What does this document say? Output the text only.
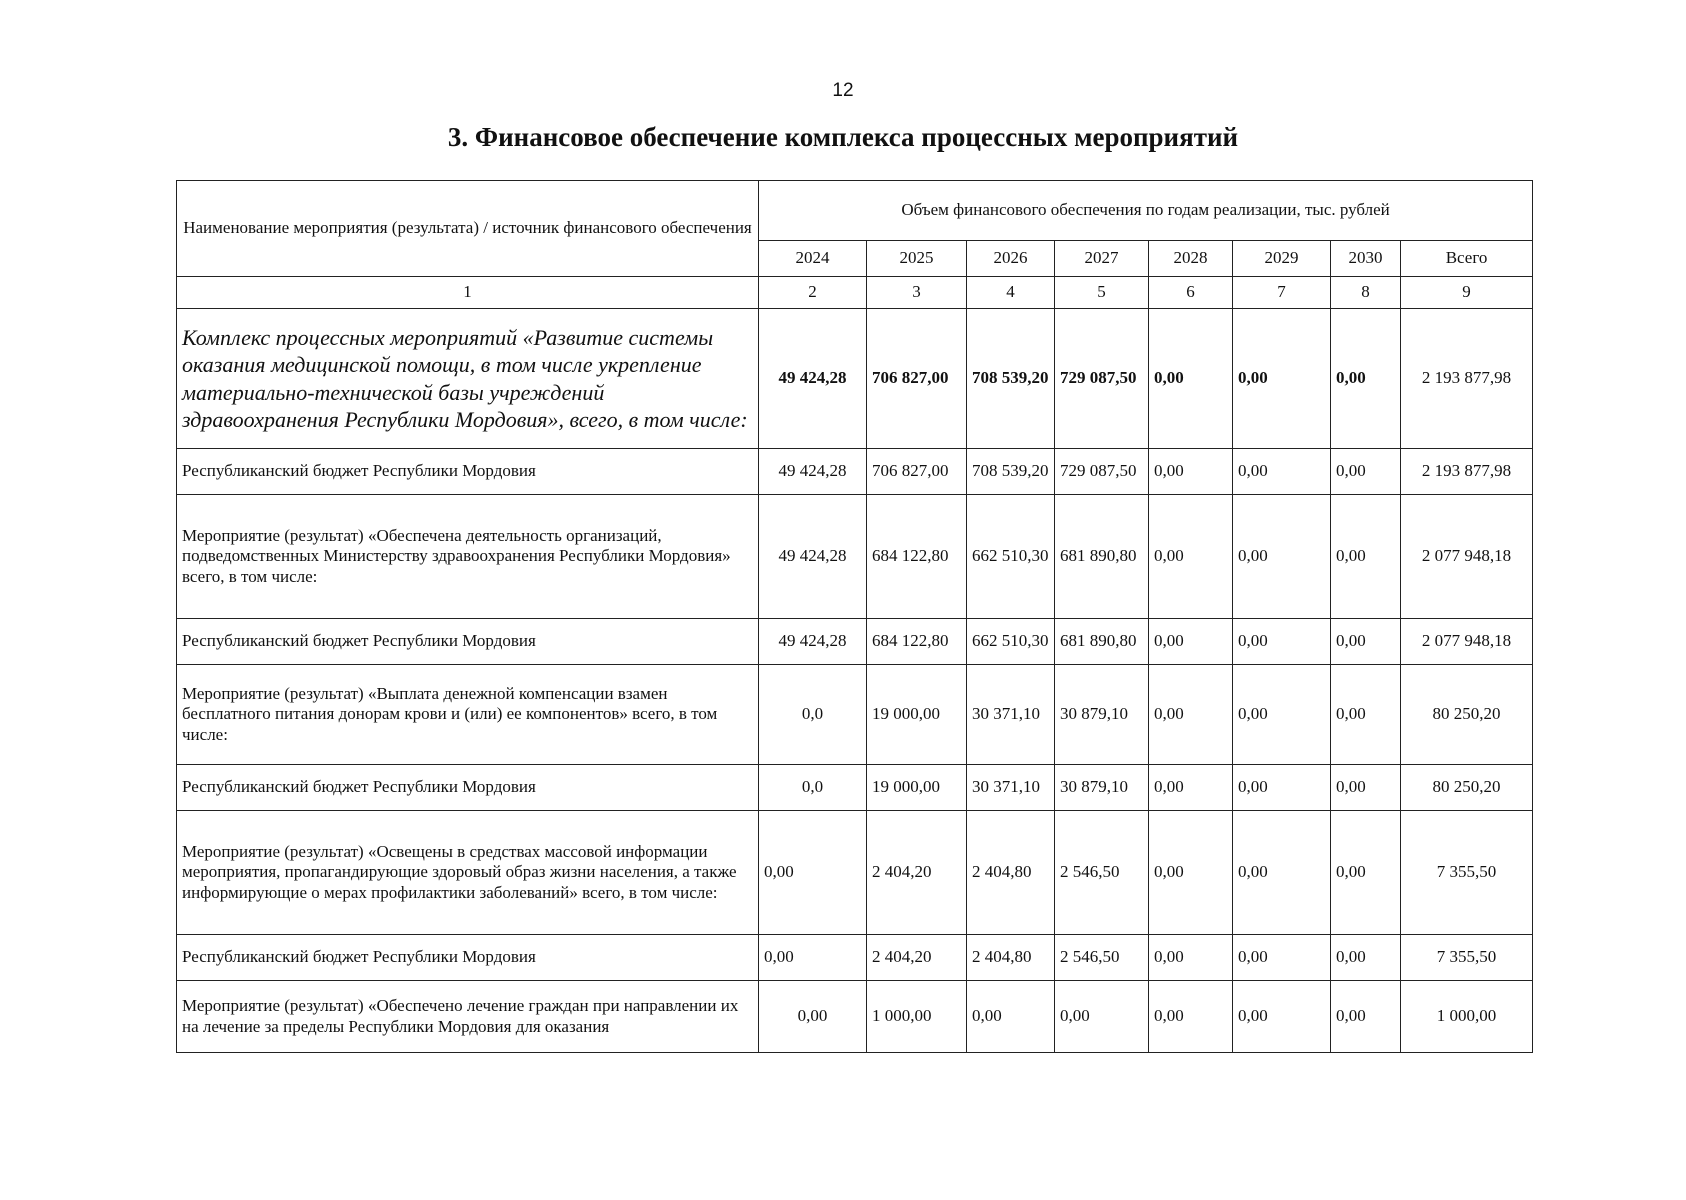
12
3. Финансовое обеспечение комплекса процессных мероприятий
Наименование мероприятия (результата) / источник финансового обеспечения	Объем финансового обеспечения по годам реализации, тыс. рублей							
	2024	2025	2026	2027	2028	2029	2030	Всего
1	2	3	4	5	6	7	8	9
Комплекс процессных мероприятий «Развитие системы оказания медицинской помощи, в том числе укрепление материально-технической базы учреждений здравоохранения Республики Мордовия», всего, в том числе:	49 424,28	706 827,00	708 539,20	729 087,50	0,00	0,00	0,00	2 193 877,98
Республиканский бюджет Республики Мордовия	49 424,28	706 827,00	708 539,20	729 087,50	0,00	0,00	0,00	2 193 877,98
Мероприятие (результат) «Обеспечена деятельность организаций, подведомственных Министерству здравоохранения Республики Мордовия» всего, в том числе:	49 424,28	684 122,80	662 510,30	681 890,80	0,00	0,00	0,00	2 077 948,18
Республиканский бюджет Республики Мордовия	49 424,28	684 122,80	662 510,30	681 890,80	0,00	0,00	0,00	2 077 948,18
Мероприятие (результат) «Выплата денежной компенсации взамен бесплатного питания донорам крови и (или) ее компонентов» всего, в том числе:	0,0	19 000,00	30 371,10	30 879,10	0,00	0,00	0,00	80 250,20
Республиканский бюджет Республики Мордовия	0,0	19 000,00	30 371,10	30 879,10	0,00	0,00	0,00	80 250,20
Мероприятие (результат) «Освещены в средствах массовой информации мероприятия, пропагандирующие здоровый образ жизни населения, а также информирующие о мерах профилактики заболеваний» всего, в том числе:	0,00	2 404,20	2 404,80	2 546,50	0,00	0,00	0,00	7 355,50
Республиканский бюджет Республики Мордовия	0,00	2 404,20	2 404,80	2 546,50	0,00	0,00	0,00	7 355,50
Мероприятие (результат) «Обеспечено лечение граждан при направлении их на лечение за пределы Республики Мордовия для оказания	0,00	1 000,00	0,00	0,00	0,00	0,00	0,00	1 000,00
